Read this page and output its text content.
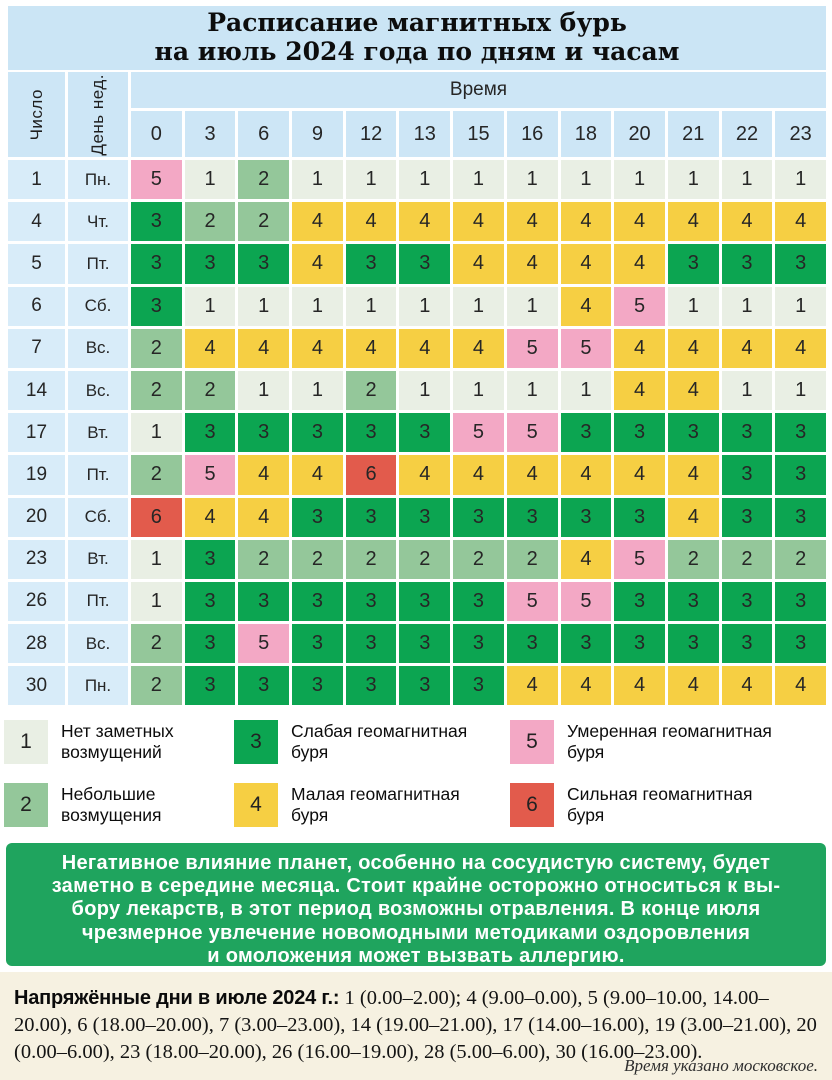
Расписание магнитных бурь
на июль 2024 года по дням и часам
Число	День нед.	Время
0	3	6	9	12	13	15	16	18	20	21	22	23
1	Пн.	5	1	2	1	1	1	1	1	1	1	1	1	1
4	Чт.	3	2	2	4	4	4	4	4	4	4	4	4	4
5	Пт.	3	3	3	4	3	3	4	4	4	4	3	3	3
6	Сб.	3	1	1	1	1	1	1	1	4	5	1	1	1
7	Вс.	2	4	4	4	4	4	4	5	5	4	4	4	4
14	Вс.	2	2	1	1	2	1	1	1	1	4	4	1	1
17	Вт.	1	3	3	3	3	3	5	5	3	3	3	3	3
19	Пт.	2	5	4	4	6	4	4	4	4	4	4	3	3
20	Сб.	6	4	4	3	3	3	3	3	3	3	4	3	3
23	Вт.	1	3	2	2	2	2	2	2	4	5	2	2	2
26	Пт.	1	3	3	3	3	3	3	5	5	3	3	3	3
28	Вс.	2	3	5	3	3	3	3	3	3	3	3	3	3
30	Пн.	2	3	3	3	3	3	3	4	4	4	4	4	4
1	Нет заметных
возмущений
2	Небольшие
возмущения
3	Слабая геомагнитная
буря
4	Малая геомагнитная
буря
5	Умеренная геомагнитная
буря
6	Сильная геомагнитная
буря
Негативное влияние планет, особенно на сосудистую систему, будет
заметно в середине месяца. Стоит крайне осторожно относиться к вы-
бору лекарств, в этот период возможны отравления. В конце июля
чрезмерное увлечение новомодными методиками оздоровления
и омоложения может вызвать аллергию.

Напряжённые дни в июле 2024 г.: 1 (0.00–2.00); 4 (9.00–0.00), 5 (9.00–10.00, 14.00–20.00), 6 (18.00–20.00), 7 (3.00–23.00), 14 (19.00–21.00), 17 (14.00–16.00), 19 (3.00–21.00), 20 (0.00–6.00), 23 (18.00–20.00), 26 (16.00–19.00), 28 (5.00–6.00), 30 (16.00–23.00).

Время указано московское.
